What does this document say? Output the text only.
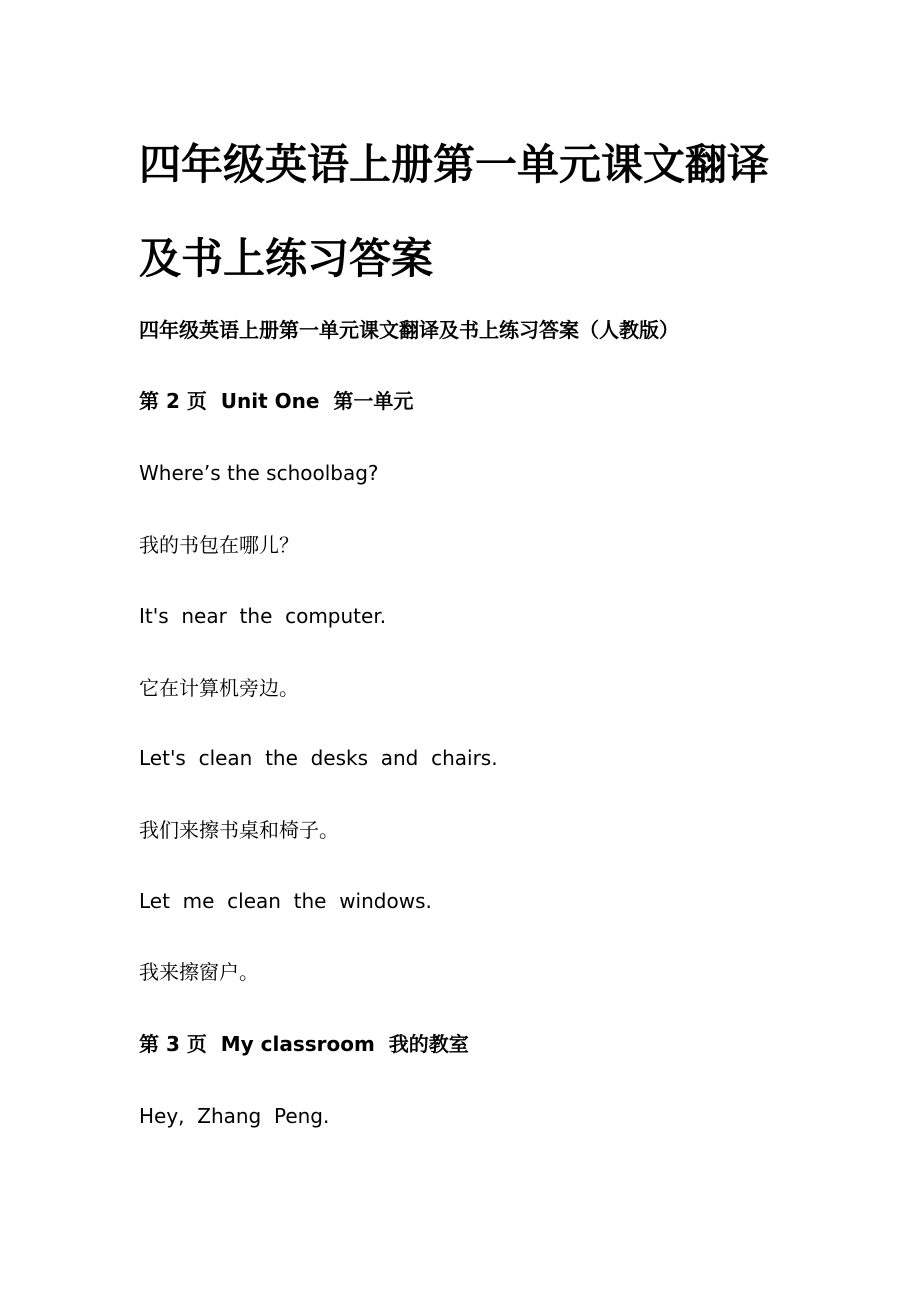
四年级英语上册第一单元课文翻译
及书上练习答案
四年级英语上册第一单元课文翻译及书上练习答案（人教版）
第 2 页  Unit One  第一单元
Where’s the schoolbag?
我的书包在哪儿？
It's  near  the  computer.
它在计算机旁边。
Let's  clean  the  desks  and  chairs.
我们来擦书桌和椅子。
Let  me  clean  the  windows.
我来擦窗户。
第 3 页  My classroom  我的教室
Hey,  Zhang  Peng.
